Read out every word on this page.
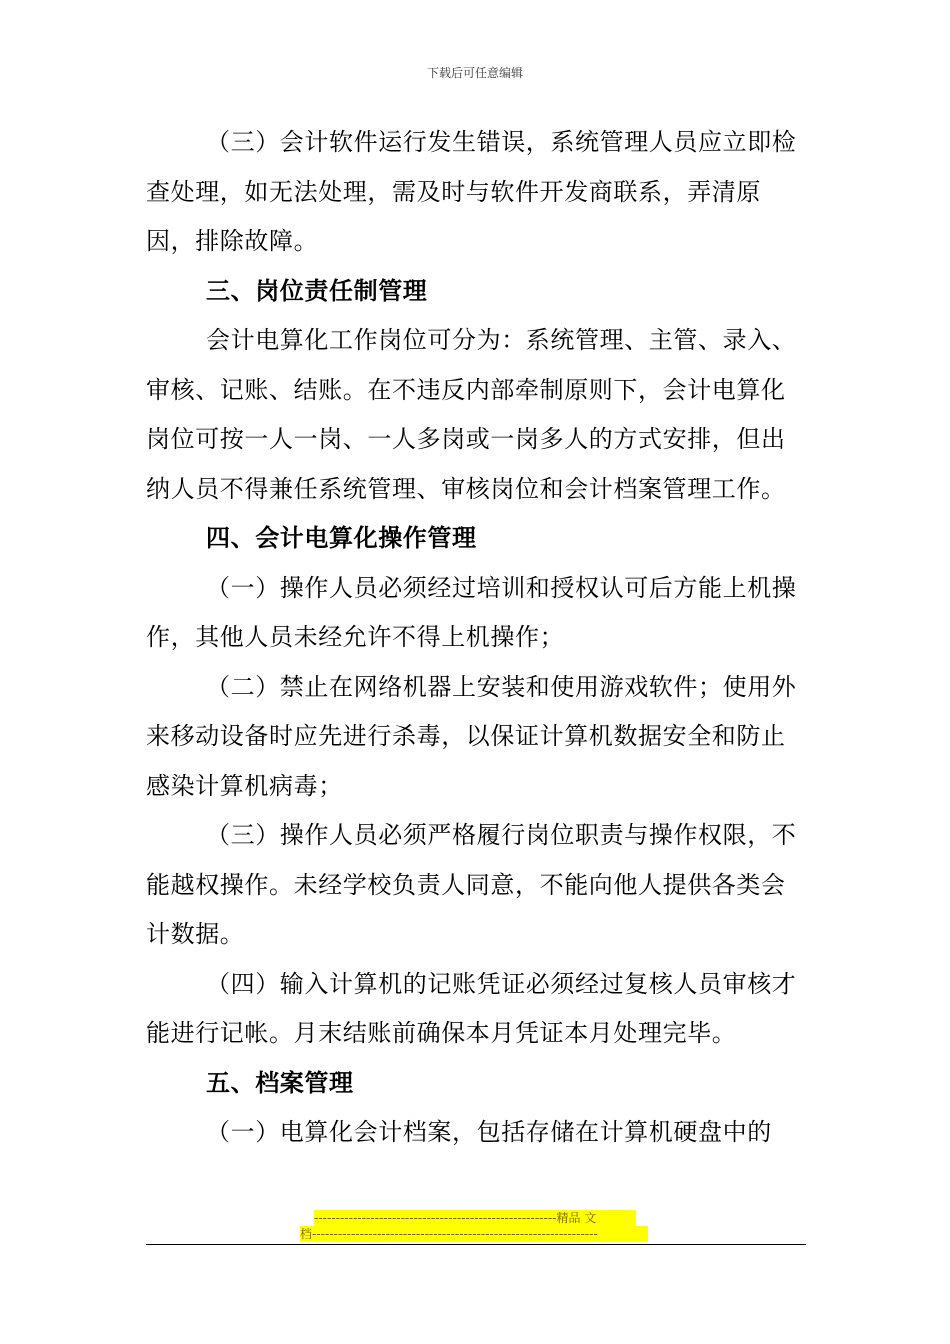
下载后可任意编辑

（三）会计软件运行发生错误，系统管理人员应立即检查处理，如无法处理，需及时与软件开发商联系，弄清原因，排除故障。

三、岗位责任制管理

会计电算化工作岗位可分为：系统管理、主管、录入、审核、记账、结账。在不违反内部牵制原则下，会计电算化岗位可按一人一岗、一人多岗或一岗多人的方式安排，但出纳人员不得兼任系统管理、审核岗位和会计档案管理工作。

四、会计电算化操作管理

（一）操作人员必须经过培训和授权认可后方能上机操作，其他人员未经允许不得上机操作；

（二）禁止在网络机器上安装和使用游戏软件；使用外来移动设备时应先进行杀毒，以保证计算机数据安全和防止感染计算机病毒；

（三）操作人员必须严格履行岗位职责与操作权限，不能越权操作。未经学校负责人同意，不能向他人提供各类会计数据。

（四）输入计算机的记账凭证必须经过复核人员审核才能进行记帐。月末结账前确保本月凭证本月处理完毕。

五、档案管理

（一）电算化会计档案，包括存储在计算机硬盘中的

--------------------------------------------------------精品 文
档------------------------------------------------------------------
